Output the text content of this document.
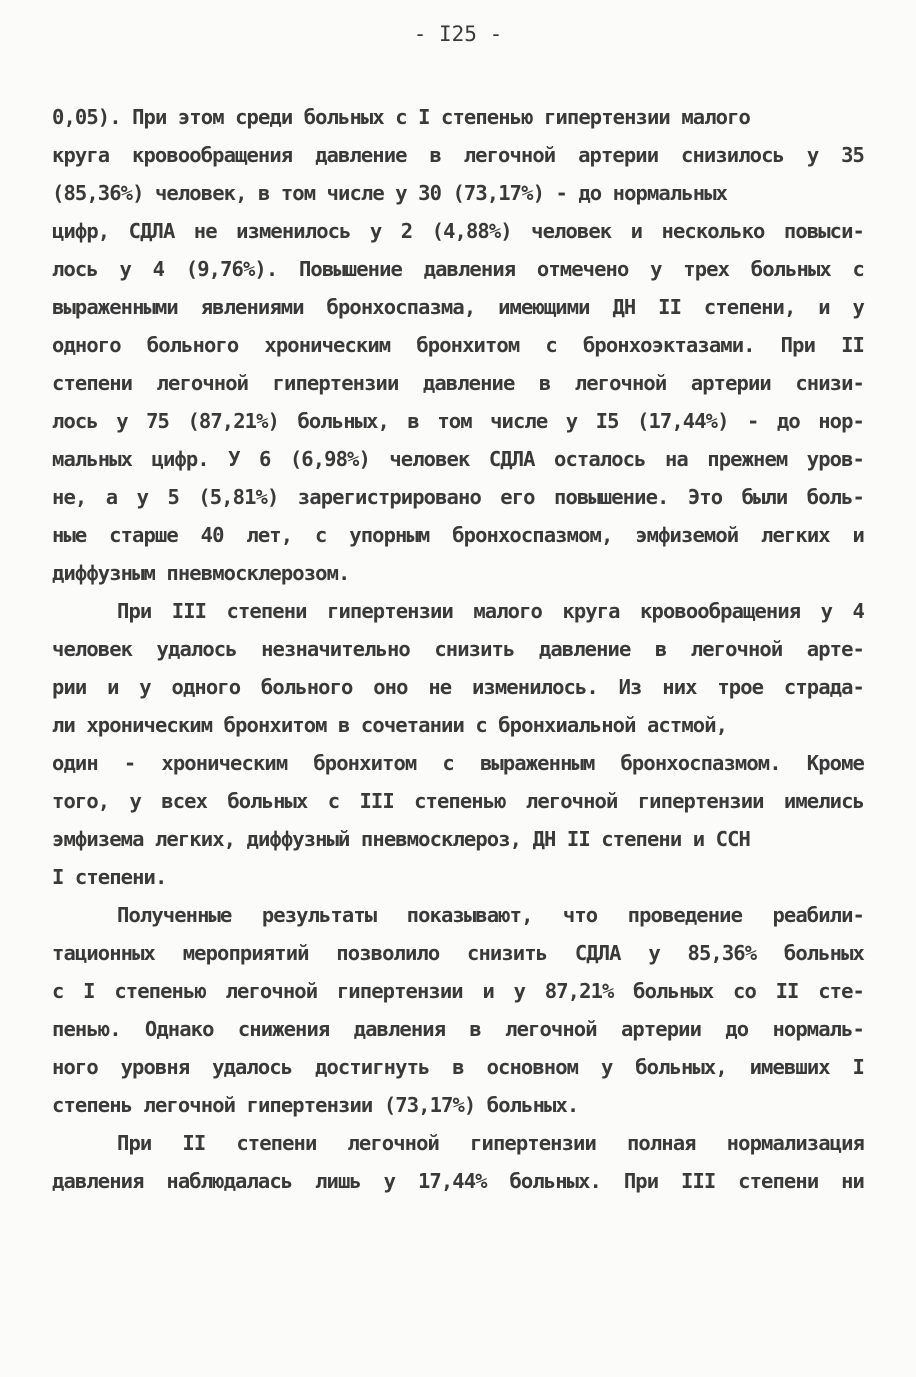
- I25 -
0,05). При этом среди больных с I степенью гипертензии малого
круга кровообращения давление в легочной артерии снизилось у 35
(85,36%) человек, в том числе у 30 (73,17%) - до нормальных
цифр, СДЛА не изменилось у 2 (4,88%) человек и несколько повыси-
лось у 4 (9,76%). Повышение давления отмечено у трех больных с
выраженными явлениями бронхоспазма, имеющими ДН II степени, и у
одного больного хроническим бронхитом с бронхоэктазами. При II
степени легочной гипертензии давление в легочной артерии снизи-
лось у 75 (87,21%) больных, в том числе у I5 (17,44%) - до нор-
мальных цифр. У 6 (6,98%) человек СДЛА осталось на прежнем уров-
не, а у 5 (5,81%) зарегистрировано его повышение. Это были боль-
ные старше 40 лет, с упорным бронхоспазмом, эмфиземой легких и
диффузным пневмосклерозом.
При III степени гипертензии малого круга кровообращения у 4
человек удалось незначительно снизить давление в легочной арте-
рии и у одного больного оно не изменилось. Из них трое страда-
ли хроническим бронхитом в сочетании с бронхиальной астмой,
один - хроническим бронхитом с выраженным бронхоспазмом. Кроме
того, у всех больных с III степенью легочной гипертензии имелись
эмфизема легких, диффузный пневмосклероз, ДН II степени и ССН
I степени.
Полученные результаты показывают, что проведение реабили-
тационных мероприятий позволило снизить СДЛА у 85,36% больных
с I степенью легочной гипертензии и у 87,21% больных со II сте-
пенью. Однако снижения давления в легочной артерии до нормаль-
ного уровня удалось достигнуть в основном у больных, имевших I
степень легочной гипертензии (73,17%) больных.
При II степени легочной гипертензии полная нормализация
давления наблюдалась лишь у 17,44% больных. При III степени ни
